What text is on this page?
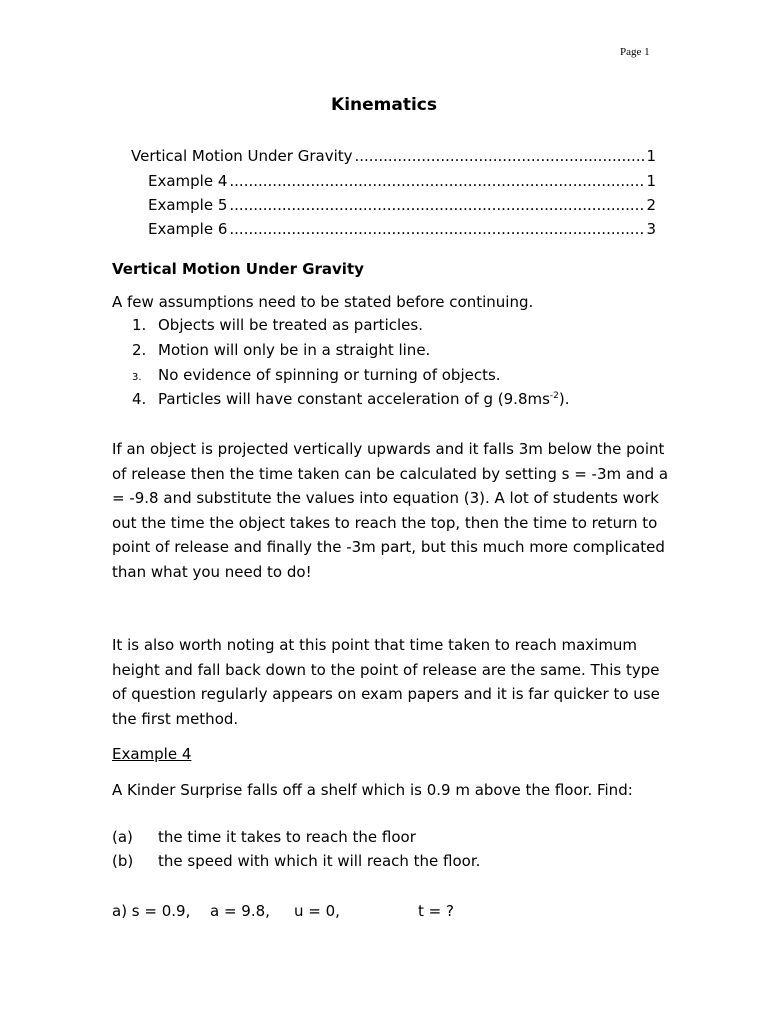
Page 1
Kinematics
Vertical Motion Under Gravity .....	1
Example 4 .....	1
Example 5 .....	2
Example 6 .....	3
Vertical Motion Under Gravity
A few assumptions need to be stated before continuing.
1. Objects will be treated as particles.
2. Motion will only be in a straight line.
3. No evidence of spinning or turning of objects.
4. Particles will have constant acceleration of g $(9.8ms^{-2})$.
If an object is projected vertically upwards and it falls 3m below the point of release then the time taken can be calculated by setting s = -3m and a = -9.8 and substitute the values into equation (3). A lot of students work out the time the object takes to reach the top, then the time to return to point of release and finally the -3m part, but this much more complicated than what you need to do!
It is also worth noting at this point that time taken to reach maximum height and fall back down to the point of release are the same. This type of question regularly appears on exam papers and it is far quicker to use the first method.
Example 4
A Kinder Surprise falls off a shelf which is 0.9 m above the floor. Find:
(a) the time it takes to reach the floor
(b) the speed with which it will reach the floor.
a) s = 0.9, a = 9.8, u = 0,	t = ?
